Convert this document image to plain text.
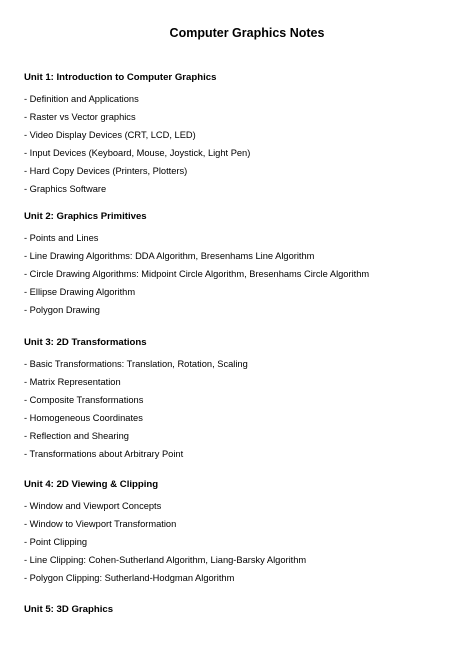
Computer Graphics Notes
Unit 1: Introduction to Computer Graphics
- Definition and Applications
- Raster vs Vector graphics
- Video Display Devices (CRT, LCD, LED)
- Input Devices (Keyboard, Mouse, Joystick, Light Pen)
- Hard Copy Devices (Printers, Plotters)
- Graphics Software
Unit 2: Graphics Primitives
- Points and Lines
- Line Drawing Algorithms: DDA Algorithm, Bresenhams Line Algorithm
- Circle Drawing Algorithms: Midpoint Circle Algorithm, Bresenhams Circle Algorithm
- Ellipse Drawing Algorithm
- Polygon Drawing
Unit 3: 2D Transformations
- Basic Transformations: Translation, Rotation, Scaling
- Matrix Representation
- Composite Transformations
- Homogeneous Coordinates
- Reflection and Shearing
- Transformations about Arbitrary Point
Unit 4: 2D Viewing & Clipping
- Window and Viewport Concepts
- Window to Viewport Transformation
- Point Clipping
- Line Clipping: Cohen-Sutherland Algorithm, Liang-Barsky Algorithm
- Polygon Clipping: Sutherland-Hodgman Algorithm
Unit 5: 3D Graphics
